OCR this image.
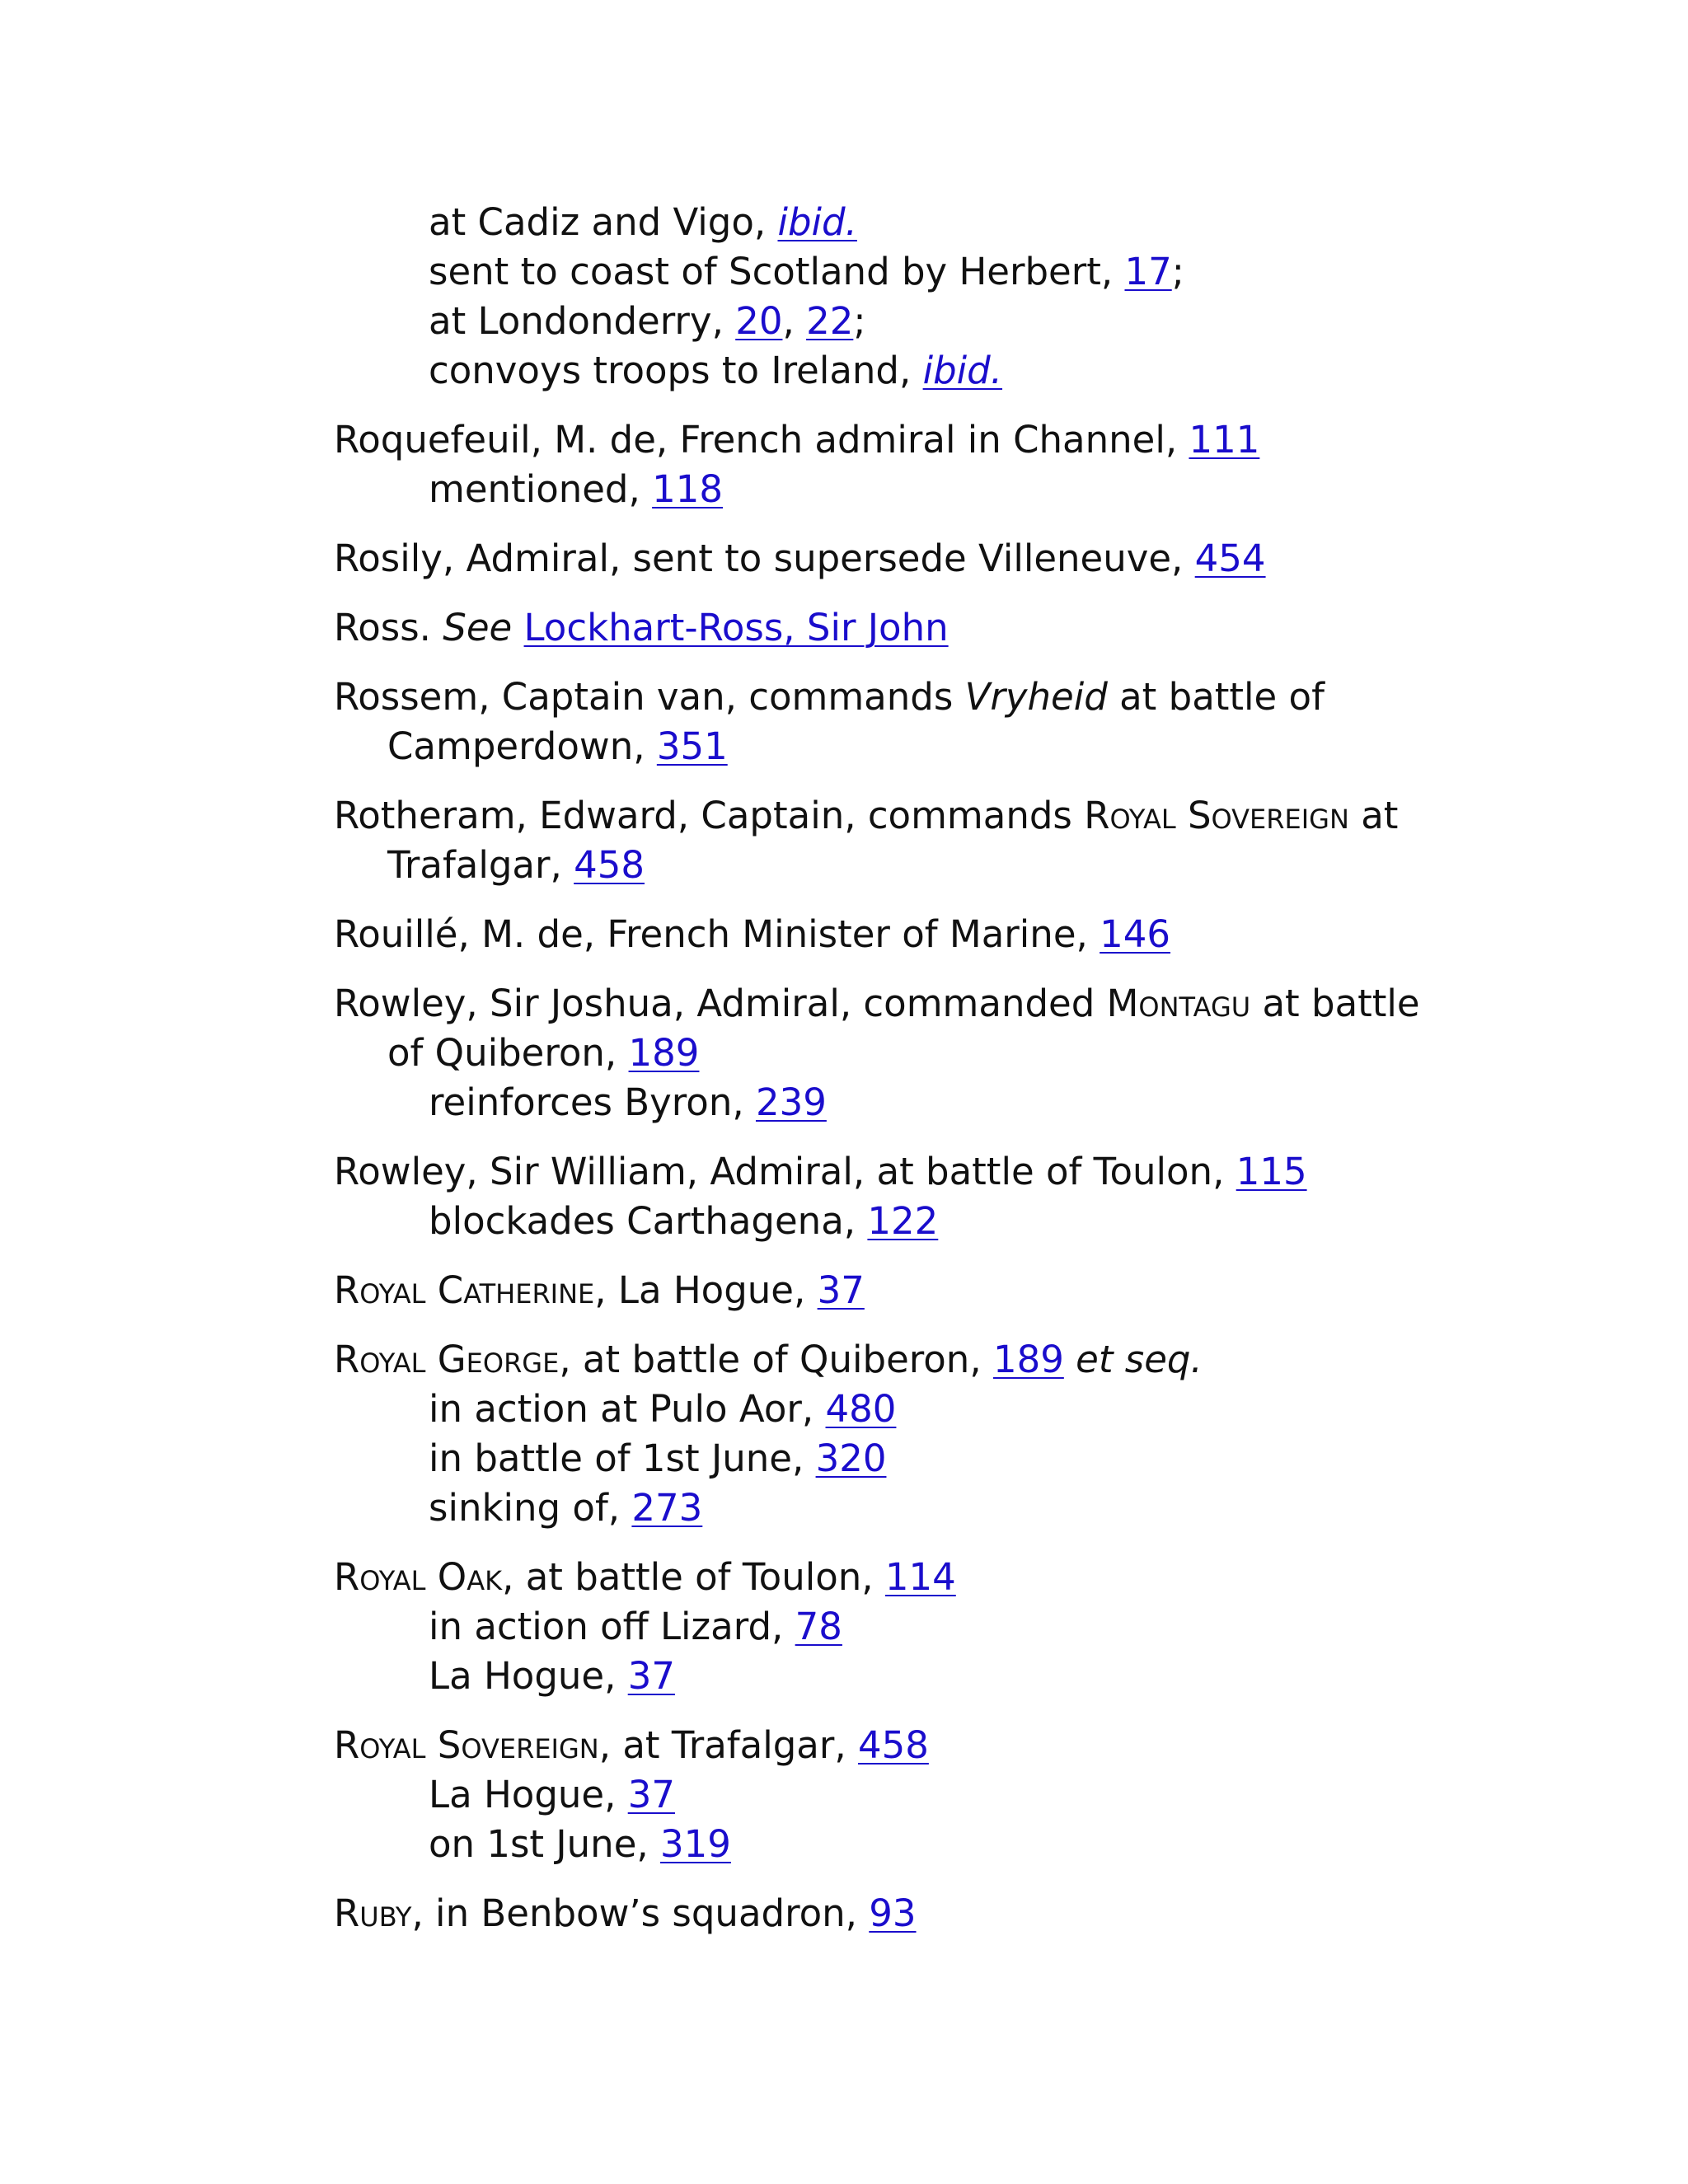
at Cadiz and Vigo, ibid.
sent to coast of Scotland by Herbert, 17;
at Londonderry, 20, 22;
convoys troops to Ireland, ibid.
Roquefeuil, M. de, French admiral in Channel, 111
mentioned, 118
Rosily, Admiral, sent to supersede Villeneuve, 454
Ross. See Lockhart-Ross, Sir John
Rossem, Captain van, commands Vryheid at battle of
Camperdown, 351
Rotheram, Edward, Captain, commands Royal Sovereign at
Trafalgar, 458
Rouillé, M. de, French Minister of Marine, 146
Rowley, Sir Joshua, Admiral, commanded Montagu at battle
of Quiberon, 189
reinforces Byron, 239
Rowley, Sir William, Admiral, at battle of Toulon, 115
blockades Carthagena, 122
Royal Catherine, La Hogue, 37
Royal George, at battle of Quiberon, 189 et seq.
in action at Pulo Aor, 480
in battle of 1st June, 320
sinking of, 273
Royal Oak, at battle of Toulon, 114
in action off Lizard, 78
La Hogue, 37
Royal Sovereign, at Trafalgar, 458
La Hogue, 37
on 1st June, 319
Ruby, in Benbow’s squadron, 93
